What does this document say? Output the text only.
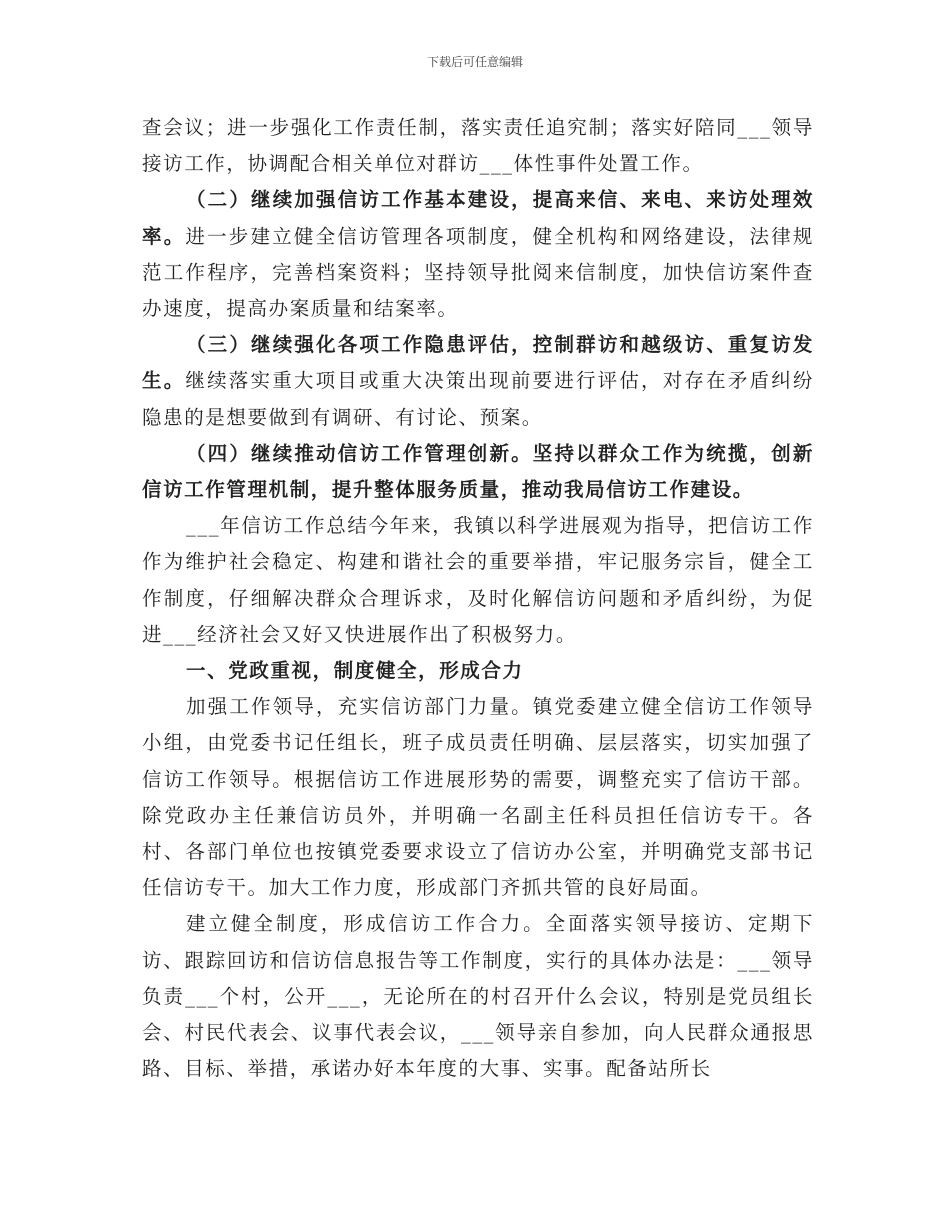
下载后可任意编辑

查会议；进一步强化工作责任制，落实责任追究制；落实好陪同___领导接访工作，协调配合相关单位对群访___体性事件处置工作。

（二）继续加强信访工作基本建设，提高来信、来电、来访处理效率。进一步建立健全信访管理各项制度，健全机构和网络建设，法律规范工作程序，完善档案资料；坚持领导批阅来信制度，加快信访案件查办速度，提高办案质量和结案率。

（三）继续强化各项工作隐患评估，控制群访和越级访、重复访发生。继续落实重大项目或重大决策出现前要进行评估，对存在矛盾纠纷隐患的是想要做到有调研、有讨论、预案。

（四）继续推动信访工作管理创新。坚持以群众工作为统揽，创新信访工作管理机制，提升整体服务质量，推动我局信访工作建设。

___年信访工作总结今年来，我镇以科学进展观为指导，把信访工作作为维护社会稳定、构建和谐社会的重要举措，牢记服务宗旨，健全工作制度，仔细解决群众合理诉求，及时化解信访问题和矛盾纠纷，为促进___经济社会又好又快进展作出了积极努力。

一、党政重视，制度健全，形成合力

加强工作领导，充实信访部门力量。镇党委建立健全信访工作领导小组，由党委书记任组长，班子成员责任明确、层层落实，切实加强了信访工作领导。根据信访工作进展形势的需要，调整充实了信访干部。除党政办主任兼信访员外，并明确一名副主任科员担任信访专干。各村、各部门单位也按镇党委要求设立了信访办公室，并明确党支部书记任信访专干。加大工作力度，形成部门齐抓共管的良好局面。

建立健全制度，形成信访工作合力。全面落实领导接访、定期下访、跟踪回访和信访信息报告等工作制度，实行的具体办法是：___领导负责___个村，公开___，无论所在的村召开什么会议，特别是党员组长会、村民代表会、议事代表会议，___领导亲自参加，向人民群众通报思路、目标、举措，承诺办好本年度的大事、实事。配备站所长
